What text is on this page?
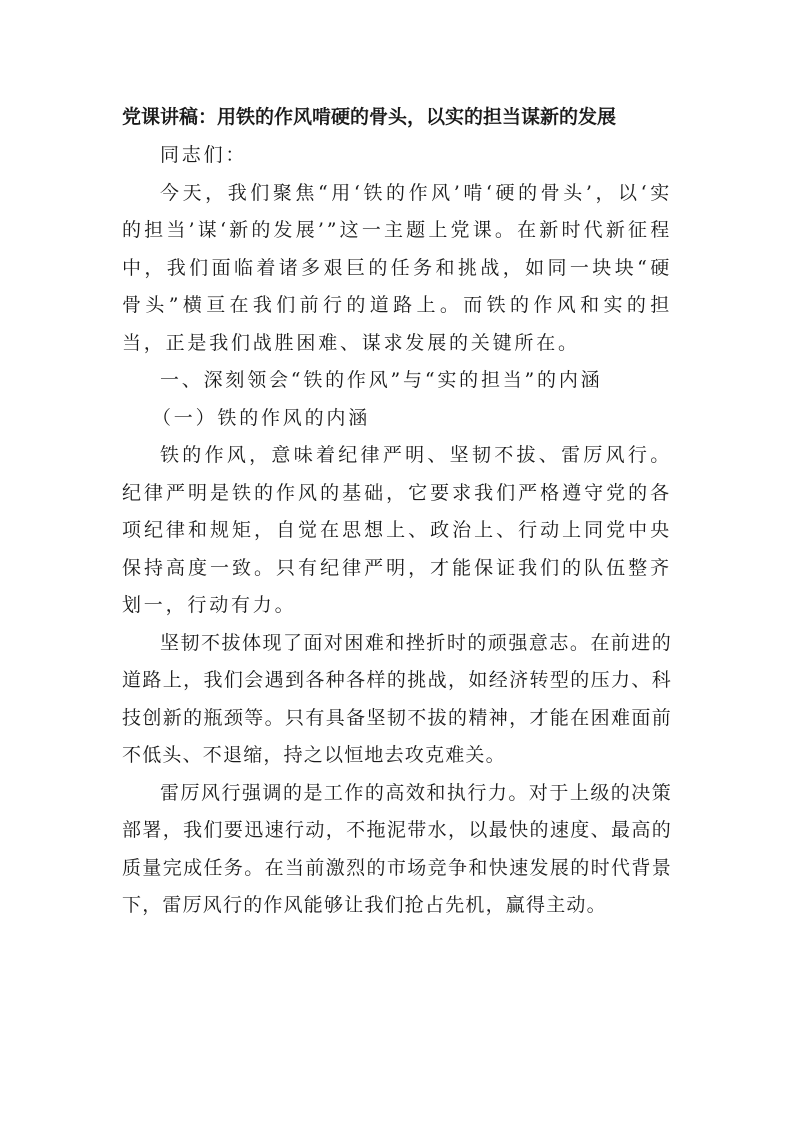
党课讲稿：用铁的作风啃硬的骨头，以实的担当谋新的发展

同志们：

今天，我们聚焦“用‘铁的作风’啃‘硬的骨头’，以‘实的担当’谋‘新的发展’”这一主题上党课。在新时代新征程中，我们面临着诸多艰巨的任务和挑战，如同一块块“硬骨头”横亘在我们前行的道路上。而铁的作风和实的担当，正是我们战胜困难、谋求发展的关键所在。

一、深刻领会“铁的作风”与“实的担当”的内涵

（一）铁的作风的内涵

铁的作风，意味着纪律严明、坚韧不拔、雷厉风行。纪律严明是铁的作风的基础，它要求我们严格遵守党的各项纪律和规矩，自觉在思想上、政治上、行动上同党中央保持高度一致。只有纪律严明，才能保证我们的队伍整齐划一，行动有力。

坚韧不拔体现了面对困难和挫折时的顽强意志。在前进的道路上，我们会遇到各种各样的挑战，如经济转型的压力、科技创新的瓶颈等。只有具备坚韧不拔的精神，才能在困难面前不低头、不退缩，持之以恒地去攻克难关。

雷厉风行强调的是工作的高效和执行力。对于上级的决策部署，我们要迅速行动，不拖泥带水，以最快的速度、最高的质量完成任务。在当前激烈的市场竞争和快速发展的时代背景下，雷厉风行的作风能够让我们抢占先机，赢得主动。
